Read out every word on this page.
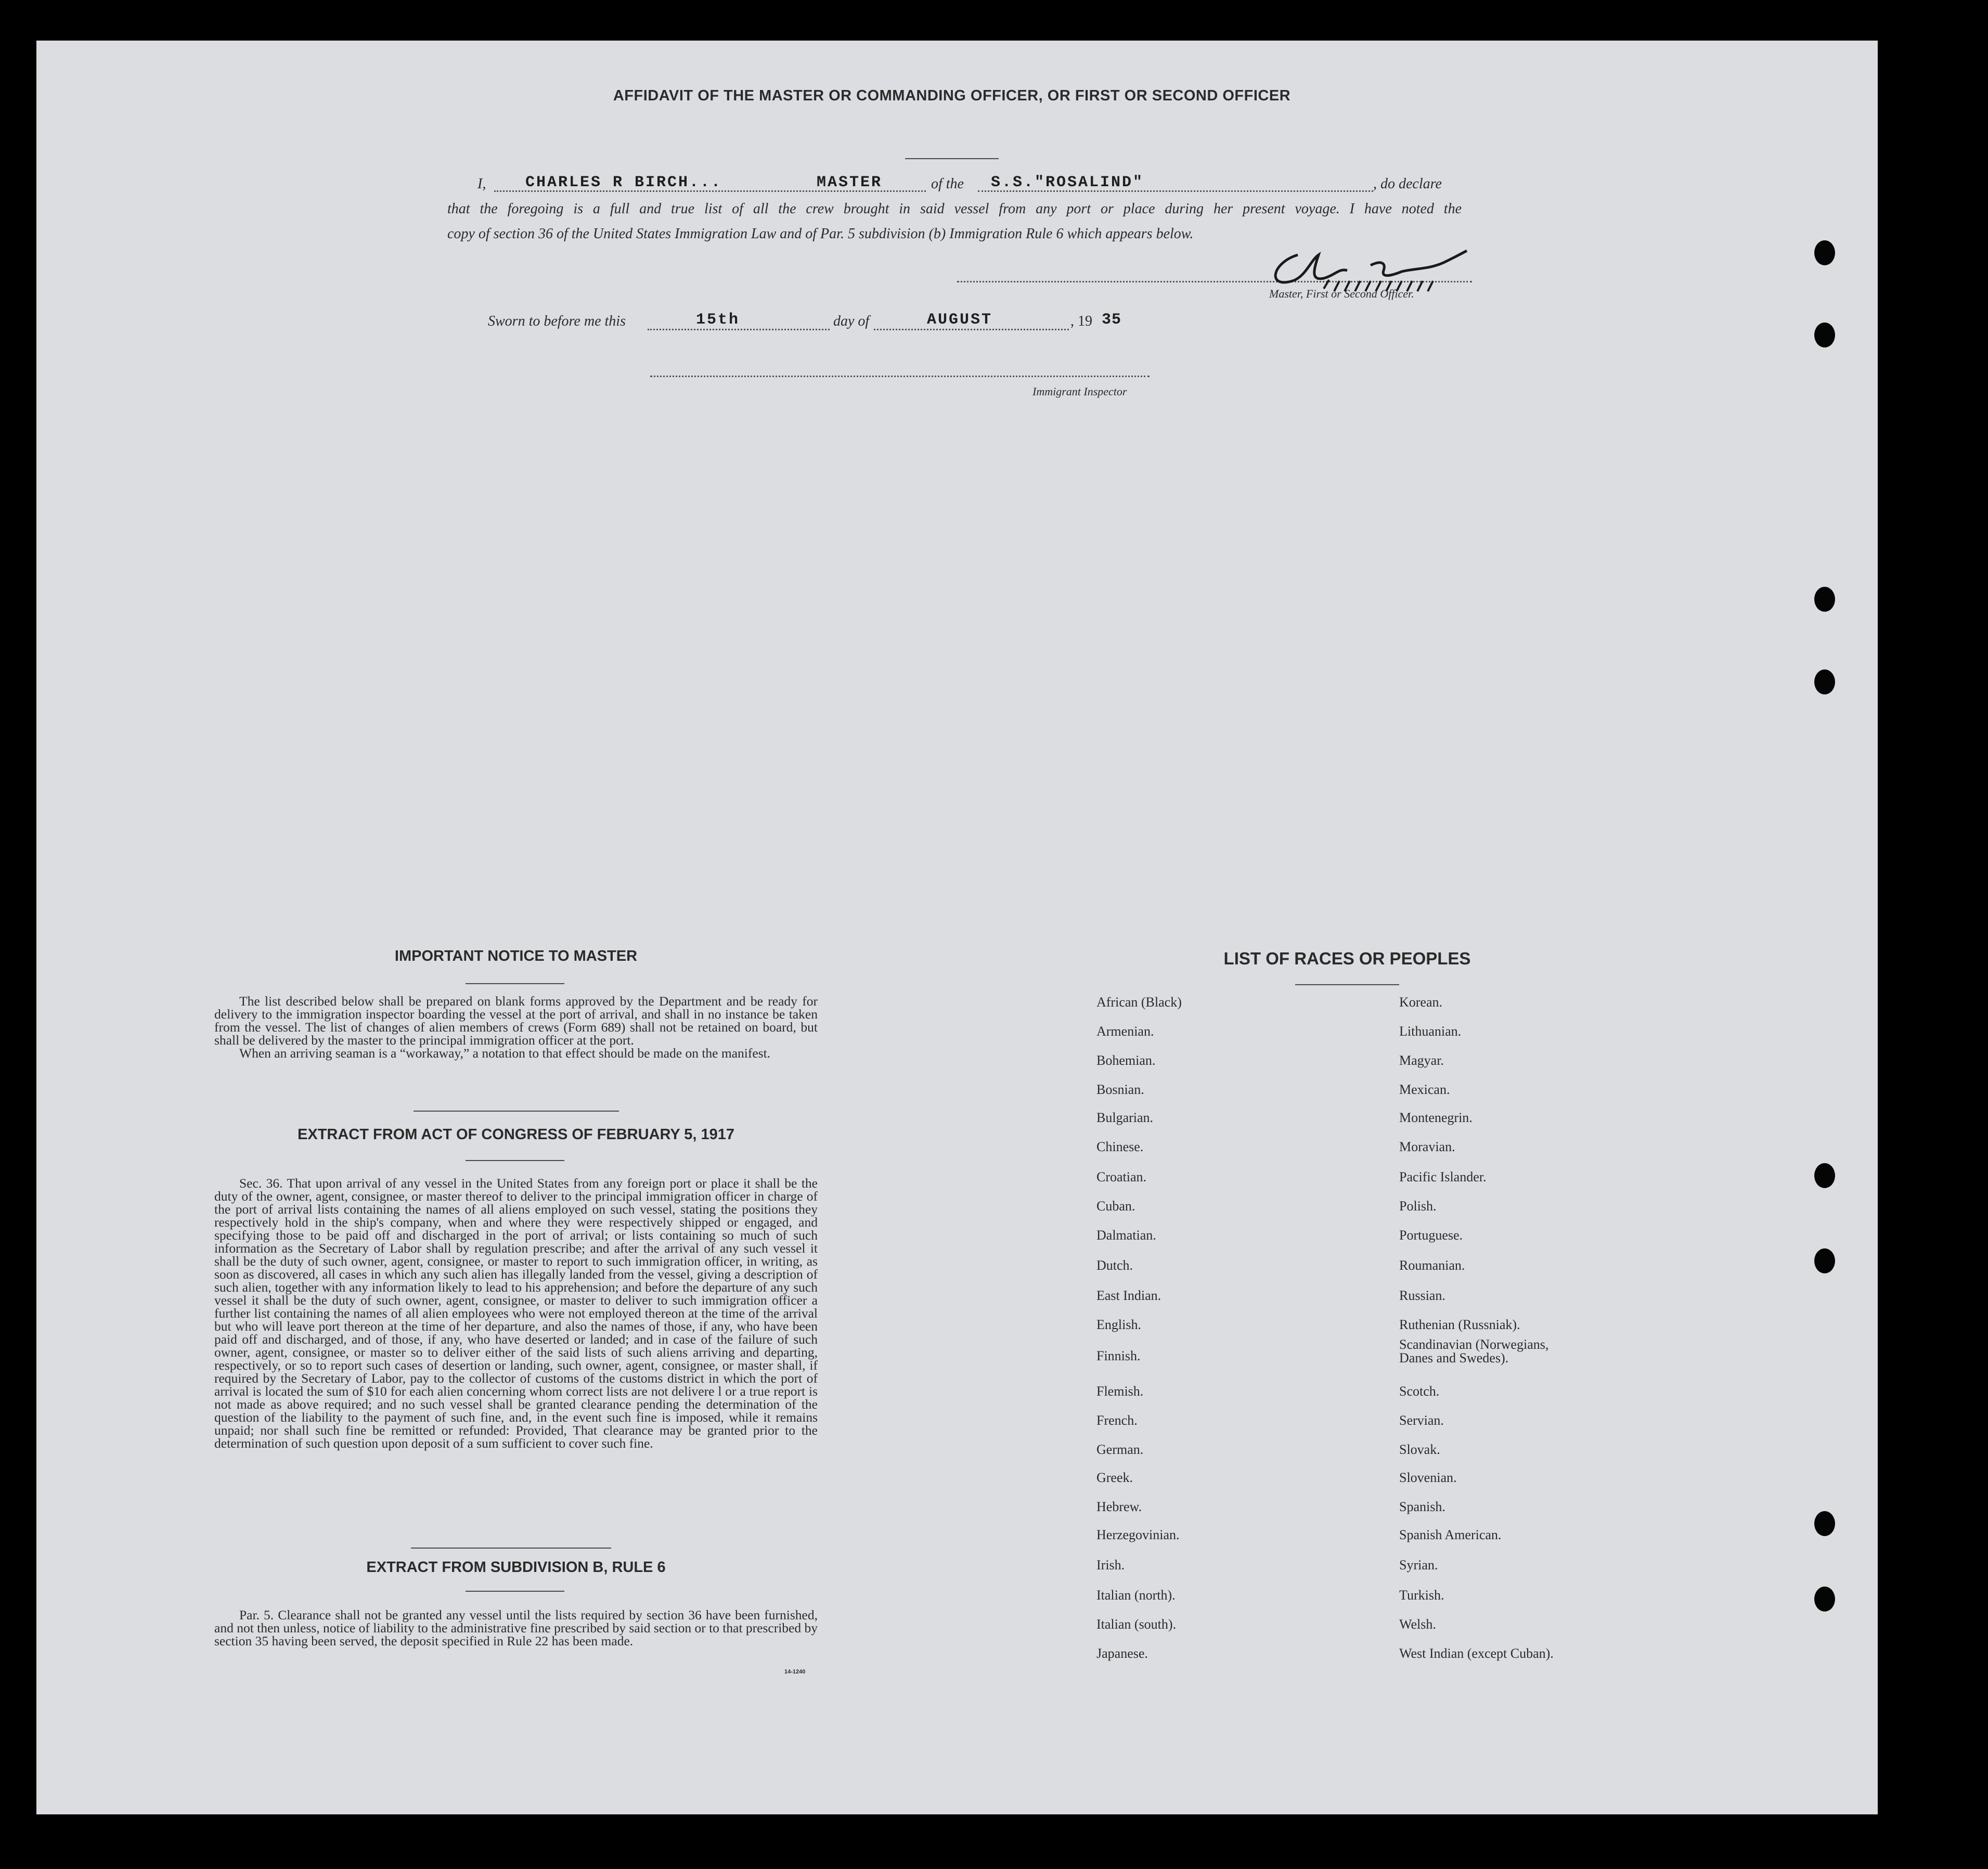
AFFIDAVIT OF THE MASTER OR COMMANDING OFFICER, OR FIRST OR SECOND OFFICER
I,	CHARLES R BIRCH...	MASTER	of the S.S."ROSALIND"	, do declare
that the foregoing is a full and true list of all the crew brought in said vessel from any port or place during her present voyage. I have noted the
copy of section 36 of the United States Immigration Law and of Par. 5 subdivision (b) Immigration Rule 6 which appears below.
Master, First or Second Officer.
Sworn to before me this	15th	day of	AUGUST	, 19 35
Immigrant Inspector
IMPORTANT NOTICE TO MASTER

The list described below shall be prepared on blank forms approved by the Department and be ready for delivery to the immigration inspector boarding the vessel at the port of arrival, and shall in no instance be taken from the vessel. The list of changes of alien members of crews (Form 689) shall not be retained on board, but shall be delivered by the master to the principal immigration officer at the port.

When an arriving seaman is a “workaway,” a notation to that effect should be made on the manifest.

EXTRACT FROM ACT OF CONGRESS OF FEBRUARY 5, 1917

Sec. 36. That upon arrival of any vessel in the United States from any foreign port or place it shall be the duty of the owner, agent, consignee, or master thereof to deliver to the principal immigration officer in charge of the port of arrival lists containing the names of all aliens employed on such vessel, stating the positions they respectively hold in the ship's company, when and where they were respectively shipped or engaged, and specifying those to be paid off and discharged in the port of arrival; or lists containing so much of such information as the Secretary of Labor shall by regulation prescribe; and after the arrival of any such vessel it shall be the duty of such owner, agent, consignee, or master to report to such immigration officer, in writing, as soon as discovered, all cases in which any such alien has illegally landed from the vessel, giving a description of such alien, together with any information likely to lead to his apprehension; and before the departure of any such vessel it shall be the duty of such owner, agent, consignee, or master to deliver to such immigration officer a further list containing the names of all alien employees who were not employed thereon at the time of the arrival but who will leave port thereon at the time of her departure, and also the names of those, if any, who have been paid off and discharged, and of those, if any, who have deserted or landed; and in case of the failure of such owner, agent, consignee, or master so to deliver either of the said lists of such aliens arriving and departing, respectively, or so to report such cases of desertion or landing, such owner, agent, consignee, or master shall, if required by the Secretary of Labor, pay to the collector of customs of the customs district in which the port of arrival is located the sum of $10 for each alien concerning whom correct lists are not delivere l or a true report is not made as above required; and no such vessel shall be granted clearance pending the determination of the question of the liability to the payment of such fine, and, in the event such fine is imposed, while it remains unpaid; nor shall such fine be remitted or refunded: Provided, That clearance may be granted prior to the determination of such question upon deposit of a sum sufficient to cover such fine.

EXTRACT FROM SUBDIVISION B, RULE 6

Par. 5. Clearance shall not be granted any vessel until the lists required by section 36 have been furnished, and not then unless, notice of liability to the administrative fine prescribed by said section or to that prescribed by section 35 having been served, the deposit specified in Rule 22 has been made.

14-1240
LIST OF RACES OR PEOPLES
African (Black)
Armenian.
Bohemian.
Bosnian.
Bulgarian.
Chinese.
Croatian.
Cuban.
Dalmatian.
Dutch.
East Indian.
English.
Finnish.
Flemish.
French.
German.
Greek.
Hebrew.
Herzegovinian.
Irish.
Italian (north).
Italian (south).
Japanese.
Korean.
Lithuanian.
Magyar.
Mexican.
Montenegrin.
Moravian.
Pacific Islander.
Polish.
Portuguese.
Roumanian.
Russian.
Ruthenian (Russniak).
Scandinavian (Norwegians, Danes and Swedes).
Scotch.
Servian.
Slovak.
Slovenian.
Spanish.
Spanish American.
Syrian.
Turkish.
Welsh.
West Indian (except Cuban).
